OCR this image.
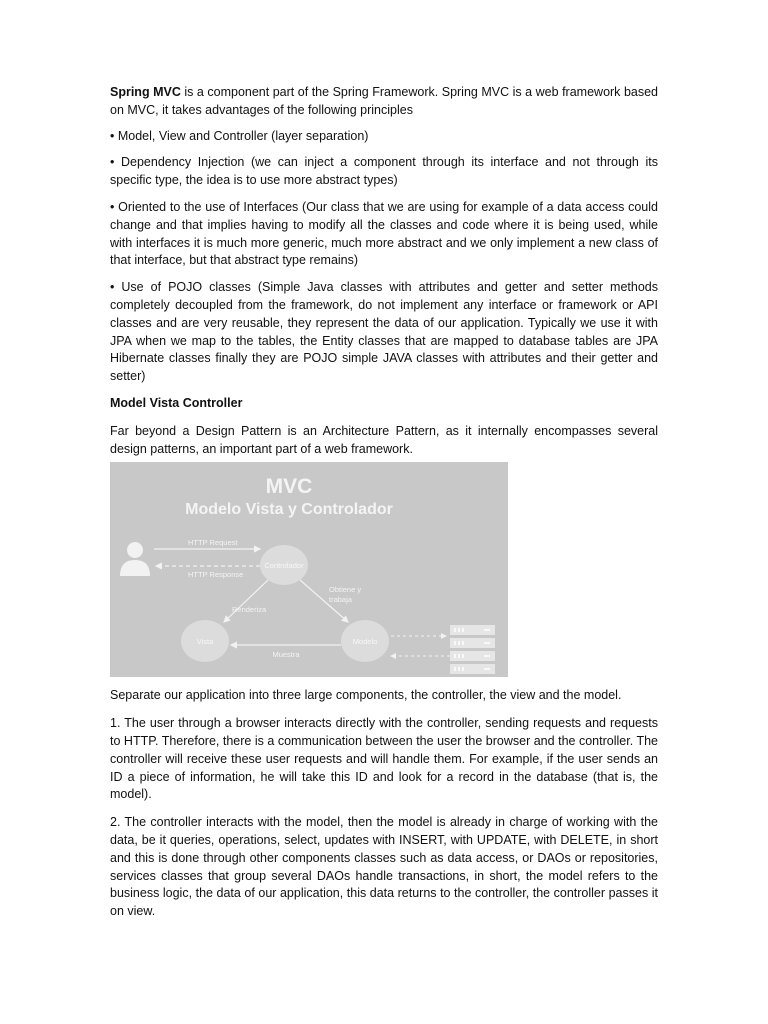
Spring MVC is a component part of the Spring Framework. Spring MVC is a web framework based on MVC, it takes advantages of the following principles

• Model, View and Controller (layer separation)

• Dependency Injection (we can inject a component through its interface and not through its specific type, the idea is to use more abstract types)

• Oriented to the use of Interfaces (Our class that we are using for example of a data access could change and that implies having to modify all the classes and code where it is being used, while with interfaces it is much more generic, much more abstract and we only implement a new class of that interface, but that abstract type remains)

• Use of POJO classes (Simple Java classes with attributes and getter and setter methods completely decoupled from the framework, do not implement any interface or framework or API classes and are very reusable, they represent the data of our application. Typically we use it with JPA when we map to the tables, the Entity classes that are mapped to database tables are JPA Hibernate classes finally they are POJO simple JAVA classes with attributes and their getter and setter)

Model Vista Controller

Far beyond a Design Pattern is an Architecture Pattern, as it internally encompasses several design patterns, an important part of a web framework.

MVC
Modelo Vista y Controlador
HTTP Request
HTTP Response
Controlador
Vista	Modelo
Renderiza
Obtiene y
trabaja
Muestra

Separate our application into three large components, the controller, the view and the model.

1. The user through a browser interacts directly with the controller, sending requests and requests to HTTP. Therefore, there is a communication between the user the browser and the controller. The controller will receive these user requests and will handle them. For example, if the user sends an ID a piece of information, he will take this ID and look for a record in the database (that is, the model).

2. The controller interacts with the model, then the model is already in charge of working with the data, be it queries, operations, select, updates with INSERT, with UPDATE, with DELETE, in short and this is done through other components classes such as data access, or DAOs or repositories, services classes that group several DAOs handle transactions, in short, the model refers to the business logic, the data of our application, this data returns to the controller, the controller passes it on view.
